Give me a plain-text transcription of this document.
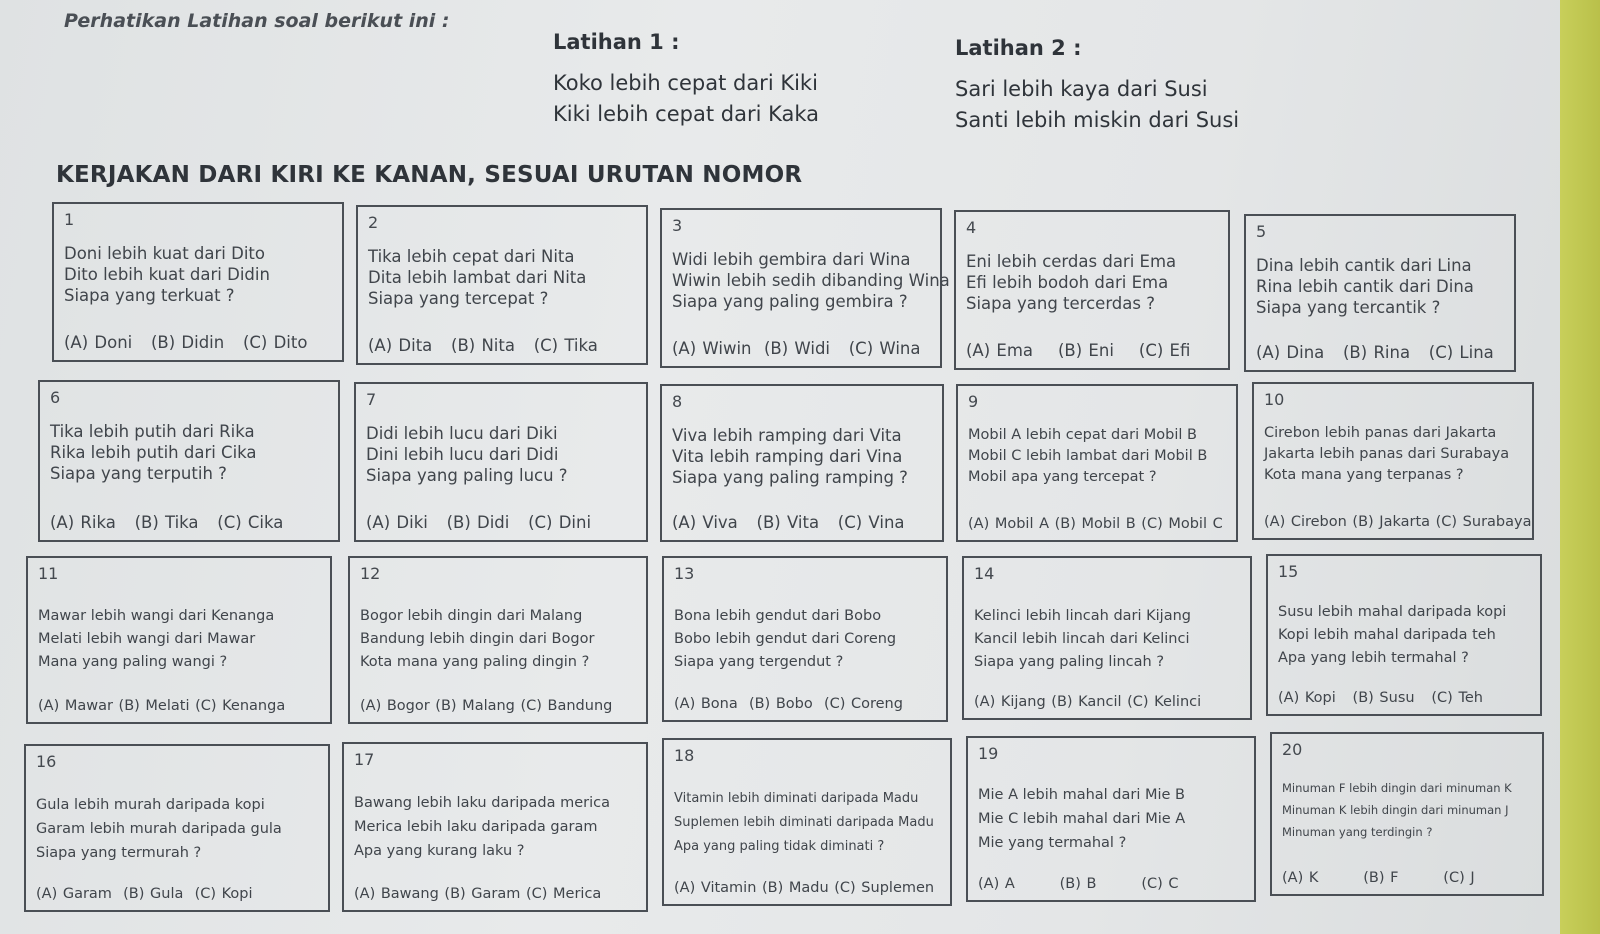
Perhatikan Latihan soal berikut ini :
Latihan 1 :
Koko lebih cepat dari Kiki
Kiki lebih cepat dari Kaka
Latihan 2 :
Sari lebih kaya dari Susi
Santi lebih miskin dari Susi
KERJAKAN DARI KIRI KE KANAN, SESUAI URUTAN NOMOR
1
Doni lebih kuat dari Dito
Dito lebih kuat dari Didin
Siapa yang terkuat ?
(A) Doni   (B) Didin   (C) Dito
2
Tika lebih cepat dari Nita
Dita lebih lambat dari Nita
Siapa yang tercepat ?
(A) Dita   (B) Nita   (C) Tika
3
Widi lebih gembira dari Wina
Wiwin lebih sedih dibanding Wina
Siapa yang paling gembira ?
(A) Wiwin  (B) Widi   (C) Wina
4
Eni lebih cerdas dari Ema
Efi lebih bodoh dari Ema
Siapa yang tercerdas ?
(A) Ema    (B) Eni    (C) Efi
5
Dina lebih cantik dari Lina
Rina lebih cantik dari Dina
Siapa yang tercantik ?
(A) Dina   (B) Rina   (C) Lina
6
Tika lebih putih dari Rika
Rika lebih putih dari Cika
Siapa yang terputih ?
(A) Rika   (B) Tika   (C) Cika
7
Didi lebih lucu dari Diki
Dini lebih lucu dari Didi
Siapa yang paling lucu ?
(A) Diki   (B) Didi   (C) Dini
8
Viva lebih ramping dari Vita
Vita lebih ramping dari Vina
Siapa yang paling ramping ?
(A) Viva   (B) Vita   (C) Vina
9
Mobil A lebih cepat dari Mobil B
Mobil C lebih lambat dari Mobil B
Mobil apa yang tercepat ?
(A) Mobil A (B) Mobil B (C) Mobil C
10
Cirebon lebih panas dari Jakarta
Jakarta lebih panas dari Surabaya
Kota mana yang terpanas ?
(A) Cirebon (B) Jakarta (C) Surabaya
11
Mawar lebih wangi dari Kenanga
Melati lebih wangi dari Mawar
Mana yang paling wangi ?
(A) Mawar (B) Melati (C) Kenanga
12
Bogor lebih dingin dari Malang
Bandung lebih dingin dari Bogor
Kota mana yang paling dingin ?
(A) Bogor (B) Malang (C) Bandung
13
Bona lebih gendut dari Bobo
Bobo lebih gendut dari Coreng
Siapa yang tergendut ?
(A) Bona  (B) Bobo  (C) Coreng
14
Kelinci lebih lincah dari Kijang
Kancil lebih lincah dari Kelinci
Siapa yang paling lincah ?
(A) Kijang (B) Kancil (C) Kelinci
15
Susu lebih mahal daripada kopi
Kopi lebih mahal daripada teh
Apa yang lebih termahal ?
(A) Kopi   (B) Susu   (C) Teh
16
Gula lebih murah daripada kopi
Garam lebih murah daripada gula
Siapa yang termurah ?
(A) Garam  (B) Gula  (C) Kopi
17
Bawang lebih laku daripada merica
Merica lebih laku daripada garam
Apa yang kurang laku ?
(A) Bawang (B) Garam (C) Merica
18
Vitamin lebih diminati daripada Madu
Suplemen lebih diminati daripada Madu
Apa yang paling tidak diminati ?
(A) Vitamin (B) Madu (C) Suplemen
19
Mie A lebih mahal dari Mie B
Mie C lebih mahal dari Mie A
Mie yang termahal ?
(A) A        (B) B        (C) C
20
Minuman F lebih dingin dari minuman K
Minuman K lebih dingin dari minuman J
Minuman yang terdingin ?
(A) K        (B) F        (C) J
